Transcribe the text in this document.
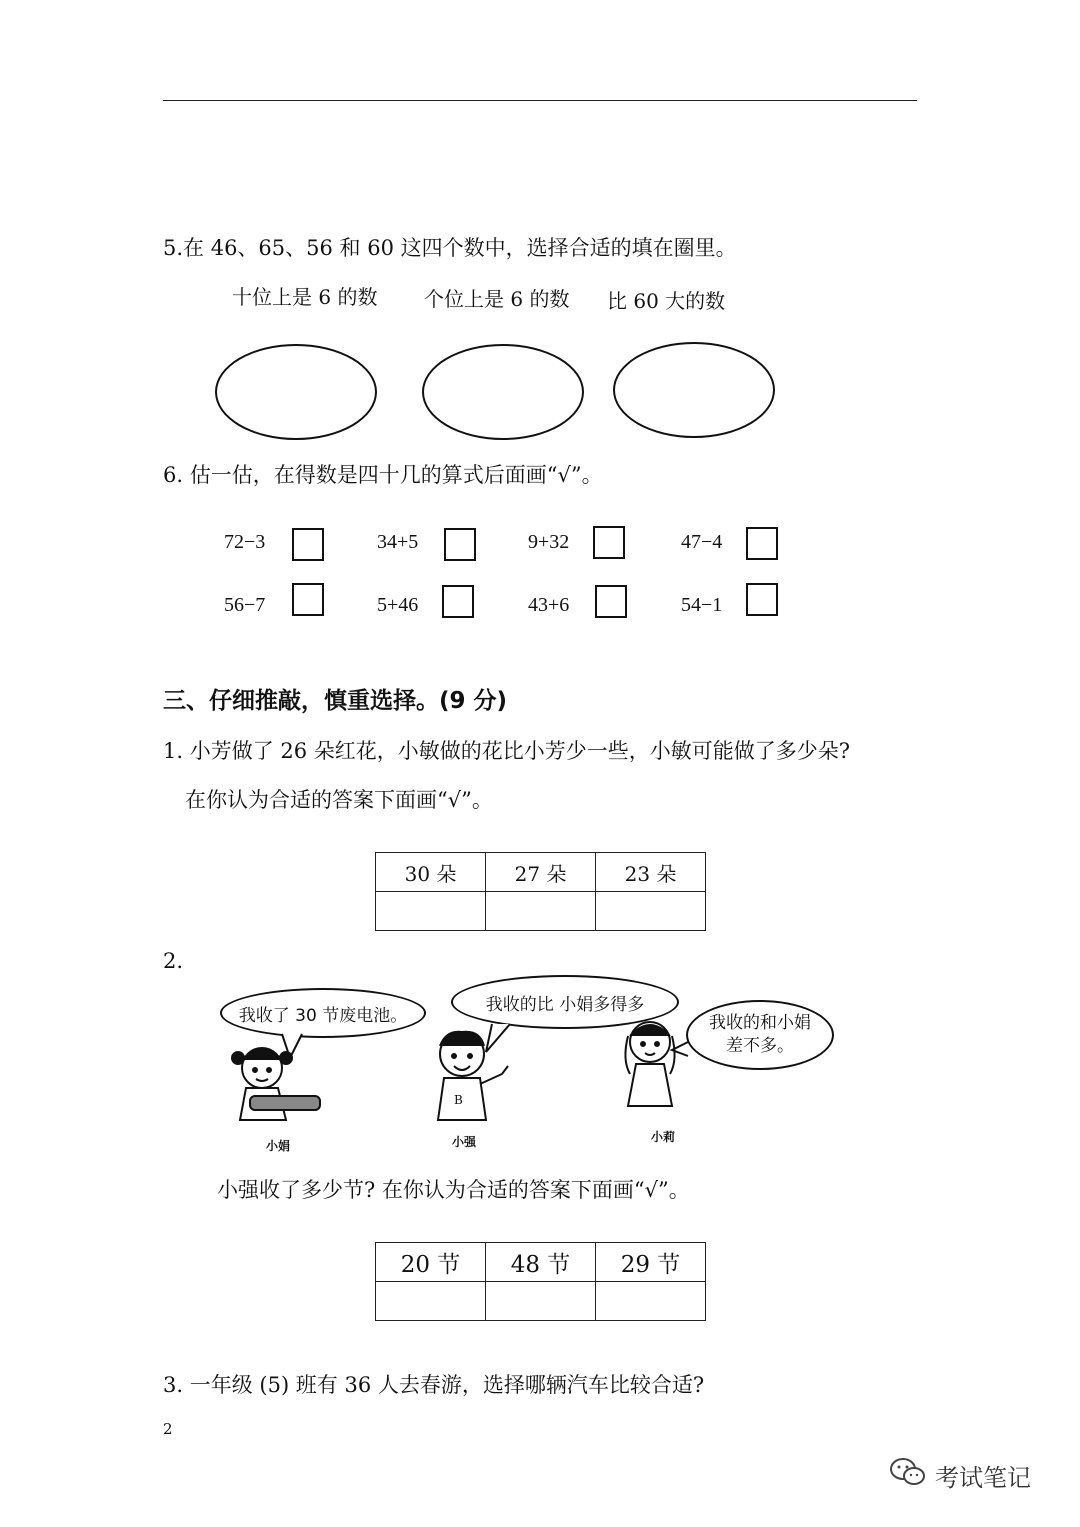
5.在 46、65、56 和 60 这四个数中，选择合适的填在圈里。
十位上是 6 的数 个位上是 6 的数 比 60 大的数
6. 估一估，在得数是四十几的算式后面画“√”。
72−3	34+5	9+32	47−4
56−7	5+46	43+6	54−1
三、仔细推敲，慎重选择。(9 分)
1. 小芳做了 26 朵红花，小敏做的花比小芳少一些，小敏可能做了多少朵?
在你认为合适的答案下面画“√”。
30 朵	27 朵	23 朵

2.
我收了 30 节废电池。
我收的比 小娟多得多
我收的和小娟差不多。
B
小娟	小强	小莉
小强收了多少节? 在你认为合适的答案下面画“√”。
20 节	48 节	29 节

3. 一年级 (5) 班有 36 人去春游，选择哪辆汽车比较合适?
2
考试笔记
